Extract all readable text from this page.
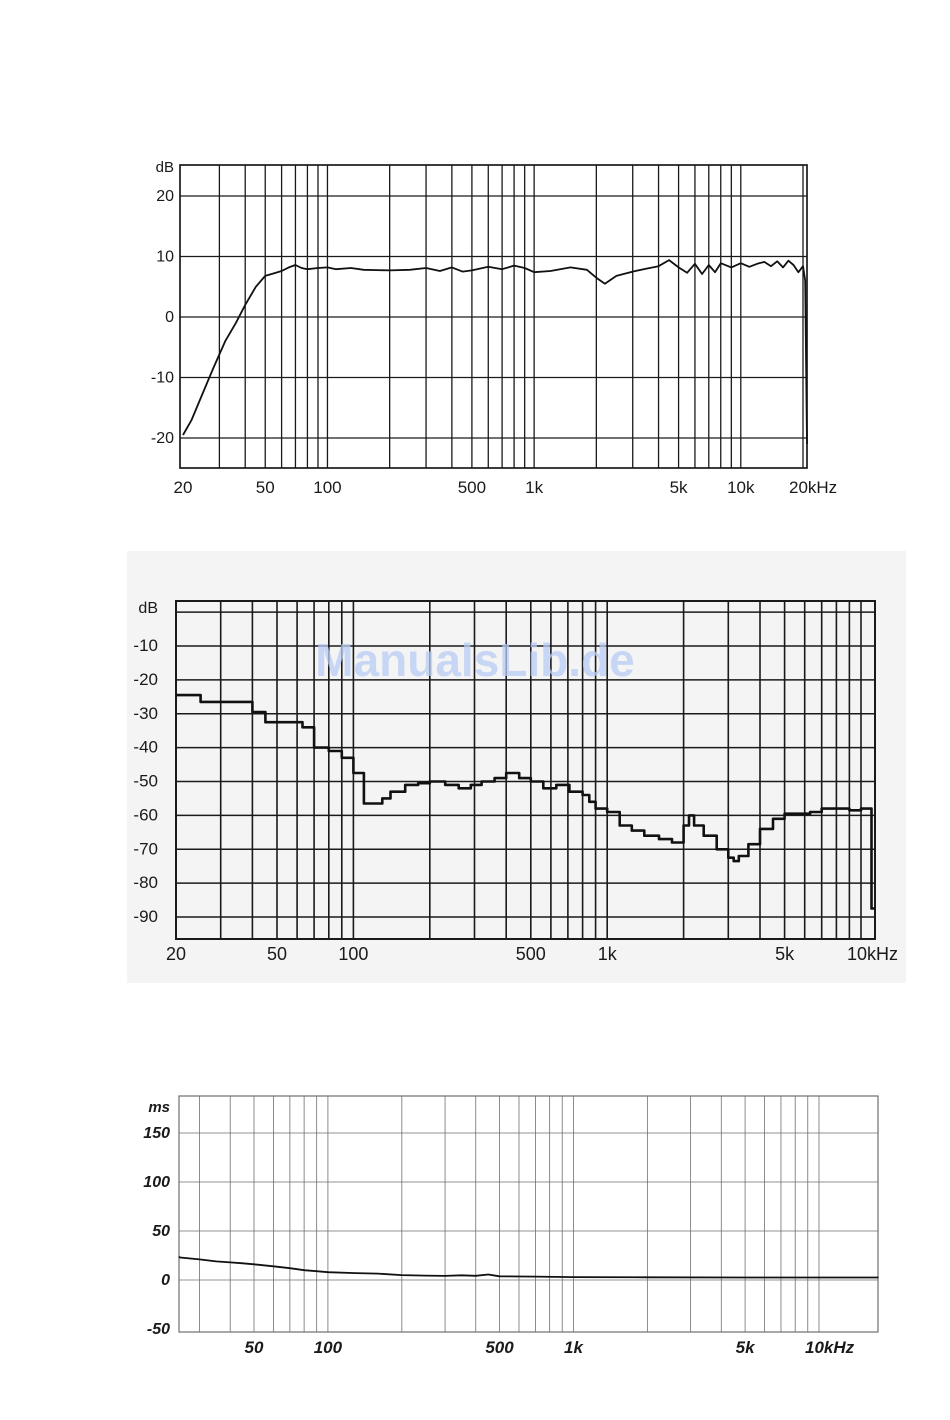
20
10
0
-10
-20
dB
20	50 100	500 1k	5k 10k 20kHz
-10
-20
-30
-40
-50
-60
-70
-80
-90
dB
20	50	100	500	1k	5k	10kHz
150
100
50
0
-50
ms
50	100	500	1k	5k	10kHz
ManualsLib.de
